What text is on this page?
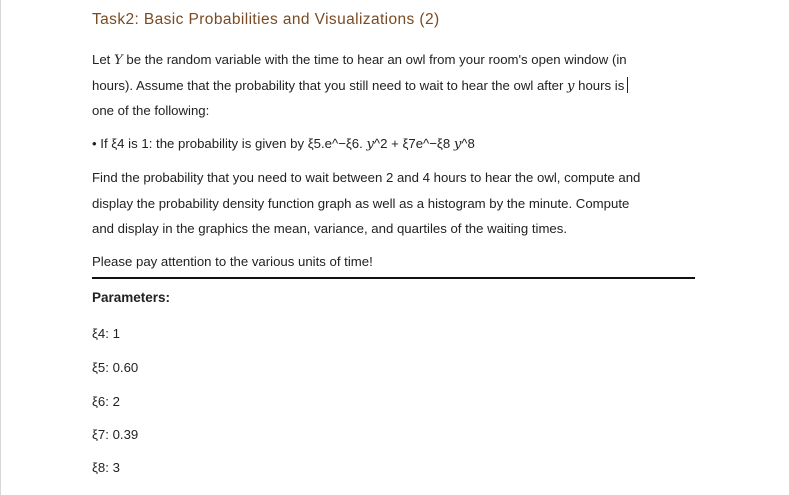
Task2: Basic Probabilities and Visualizations (2)
Let Y be the random variable with the time to hear an owl from your room's open window (in
hours). Assume that the probability that you still need to wait to hear the owl after y hours is
one of the following:
• If ξ4 is 1: the probability is given by ξ5.e^−ξ6. y^2 + ξ7e^−ξ8 y^8
Find the probability that you need to wait between 2 and 4 hours to hear the owl, compute and
display the probability density function graph as well as a histogram by the minute. Compute
and display in the graphics the mean, variance, and quartiles of the waiting times.
Please pay attention to the various units of time!
Parameters:
ξ4: 1
ξ5: 0.60
ξ6: 2
ξ7: 0.39
ξ8: 3
